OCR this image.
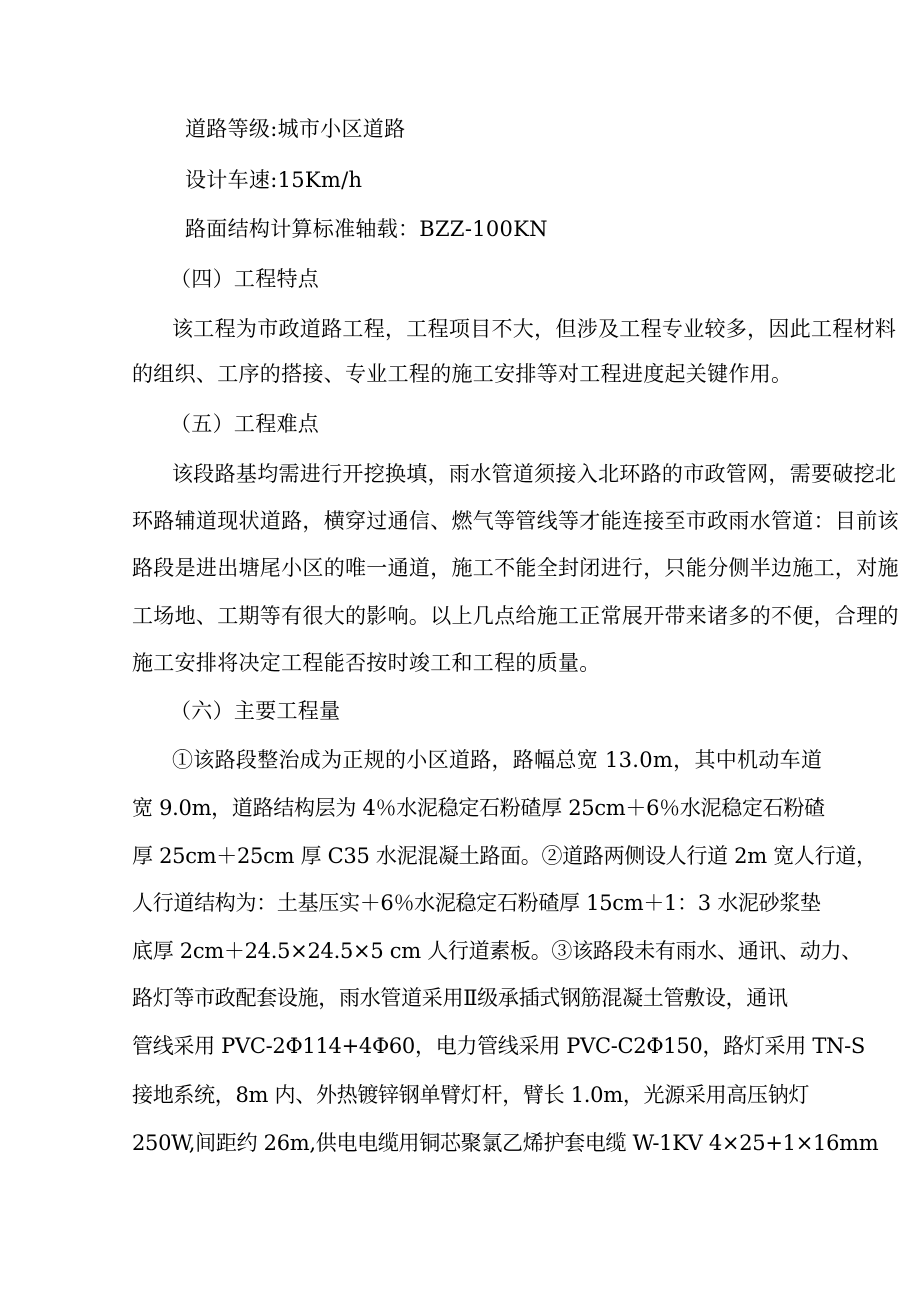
道路等级:城市小区道路
设计车速:15Km/h
路面结构计算标准轴载：BZZ-100KN
（四）工程特点
该工程为市政道路工程，工程项目不大，但涉及工程专业较多，因此工程材料
的组织、工序的搭接、专业工程的施工安排等对工程进度起关键作用。
（五）工程难点
该段路基均需进行开挖换填，雨水管道须接入北环路的市政管网，需要破挖北
环路辅道现状道路，横穿过通信、燃气等管线等才能连接至市政雨水管道：目前该
路段是进出塘尾小区的唯一通道，施工不能全封闭进行，只能分侧半边施工，对施
工场地、工期等有很大的影响。以上几点给施工正常展开带来诸多的不便，合理的
施工安排将决定工程能否按时竣工和工程的质量。
（六）主要工程量
①该路段整治成为正规的小区道路，路幅总宽 13.0m，其中机动车道
宽 9.0m，道路结构层为 4％水泥稳定石粉碴厚 25cm＋6％水泥稳定石粉碴
厚 25cm＋25cm 厚 C35 水泥混凝土路面。②道路两侧设人行道 2m 宽人行道，
人行道结构为：土基压实＋6％水泥稳定石粉碴厚 15cm＋1：3 水泥砂浆垫
底厚 2cm＋24.5×24.5×5 cm 人行道素板。③该路段未有雨水、通讯、动力、
路灯等市政配套设施，雨水管道采用Ⅱ级承插式钢筋混凝土管敷设，通讯
管线采用 PVC-2Φ114+4Φ60，电力管线采用 PVC-C2Φ150，路灯采用 TN-S
接地系统，8m 内、外热镀锌钢单臂灯杆，臂长 1.0m，光源采用高压钠灯
250W,间距约 26m,供电电缆用铜芯聚氯乙烯护套电缆 W-1KV 4×25+1×16mm
